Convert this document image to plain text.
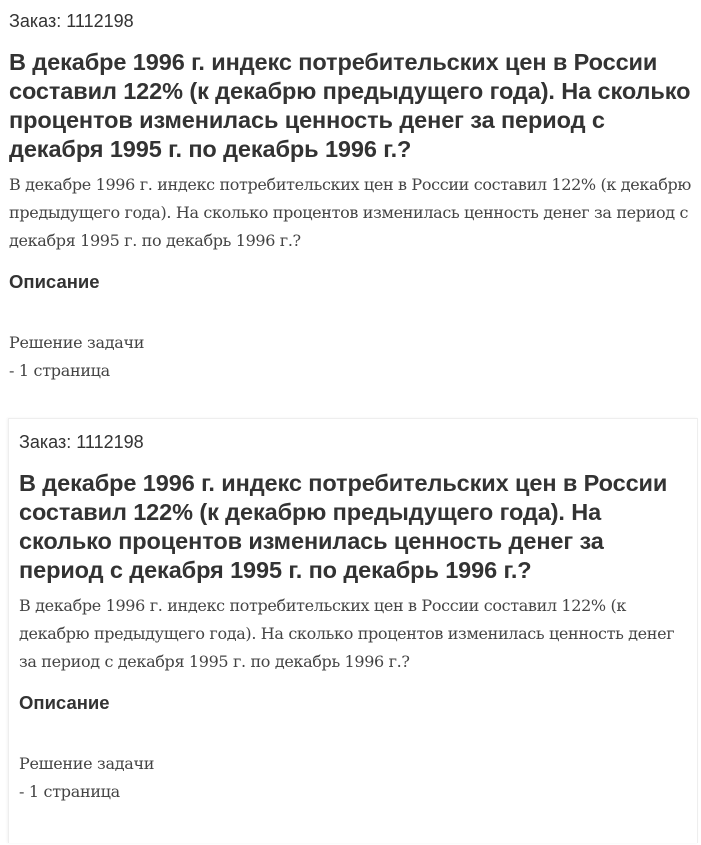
Заказ: 1112198

В декабре 1996 г. индекс потребительских цен в России составил 122% (к декабрю предыдущего года). На сколько процентов изменилась ценность денег за период с декабря 1995 г. по декабрь 1996 г.?

В декабре 1996 г. индекс потребительских цен в России составил 122% (к декабрю предыдущего года). На сколько процентов изменилась ценность денег за период с декабря 1995 г. по декабрь 1996 г.?

Описание
Решение задачи
- 1 страница

Заказ: 1112198

В декабре 1996 г. индекс потребительских цен в России составил 122% (к декабрю предыдущего года). На сколько процентов изменилась ценность денег за период с декабря 1995 г. по декабрь 1996 г.?

В декабре 1996 г. индекс потребительских цен в России составил 122% (к декабрю предыдущего года). На сколько процентов изменилась ценность денег за период с декабря 1995 г. по декабрь 1996 г.?

Описание
Решение задачи
- 1 страница
